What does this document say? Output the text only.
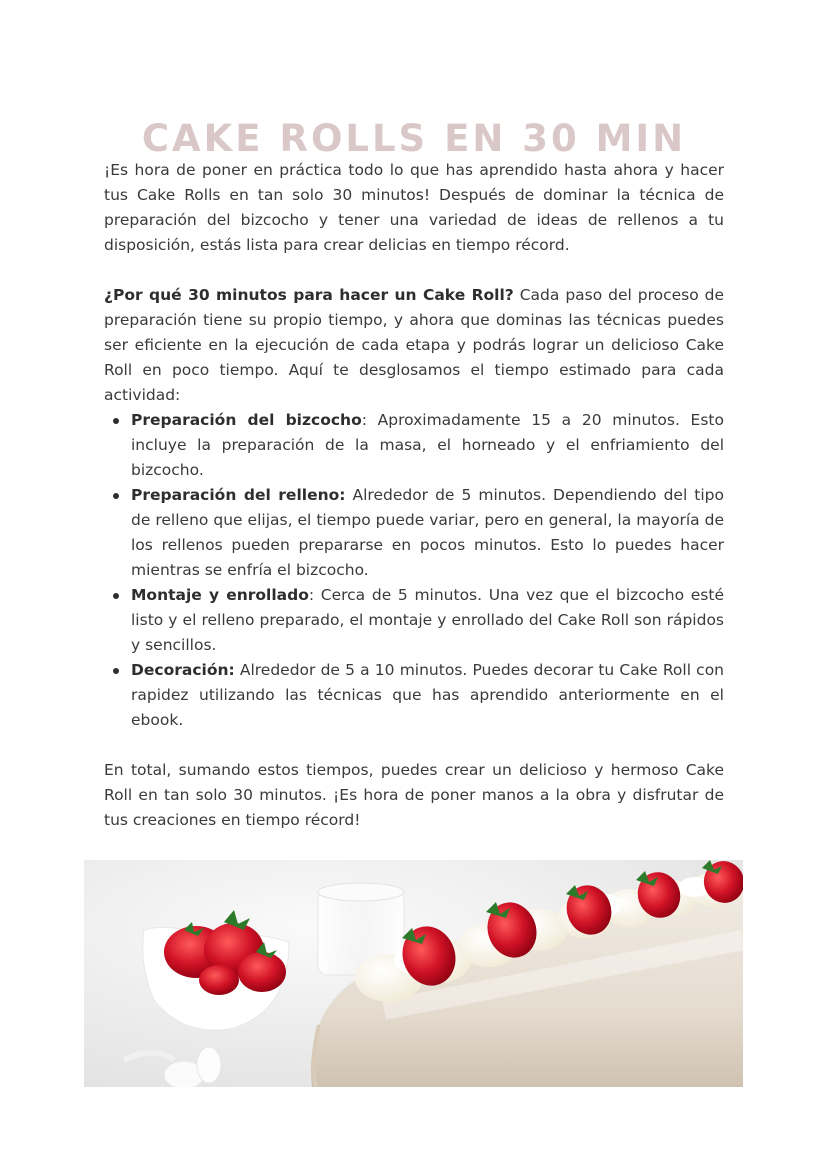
CAKE ROLLS EN 30 MIN

¡Es hora de poner en práctica todo lo que has aprendido hasta ahora y hacer tus Cake Rolls en tan solo 30 minutos! Después de dominar la técnica de preparación del bizcocho y tener una variedad de ideas de rellenos a tu disposición, estás lista para crear delicias en tiempo récord.

¿Por qué 30 minutos para hacer un Cake Roll? Cada paso del proceso de preparación tiene su propio tiempo, y ahora que dominas las técnicas puedes ser eficiente en la ejecución de cada etapa y podrás lograr un delicioso Cake Roll en poco tiempo. Aquí te desglosamos el tiempo estimado para cada actividad:

Preparación del bizcocho: Aproximadamente 15 a 20 minutos. Esto incluye la preparación de la masa, el horneado y el enfriamiento del bizcocho.
Preparación del relleno: Alrededor de 5 minutos. Dependiendo del tipo de relleno que elijas, el tiempo puede variar, pero en general, la mayoría de los rellenos pueden prepararse en pocos minutos. Esto lo puedes hacer mientras se enfría el bizcocho.
Montaje y enrollado: Cerca de 5 minutos. Una vez que el bizcocho esté listo y el relleno preparado, el montaje y enrollado del Cake Roll son rápidos y sencillos.
Decoración: Alrededor de 5 a 10 minutos. Puedes decorar tu Cake Roll con rapidez utilizando las técnicas que has aprendido anteriormente en el ebook.

En total, sumando estos tiempos, puedes crear un delicioso y hermoso Cake Roll en tan solo 30 minutos. ¡Es hora de poner manos a la obra y disfrutar de tus creaciones en tiempo récord!
